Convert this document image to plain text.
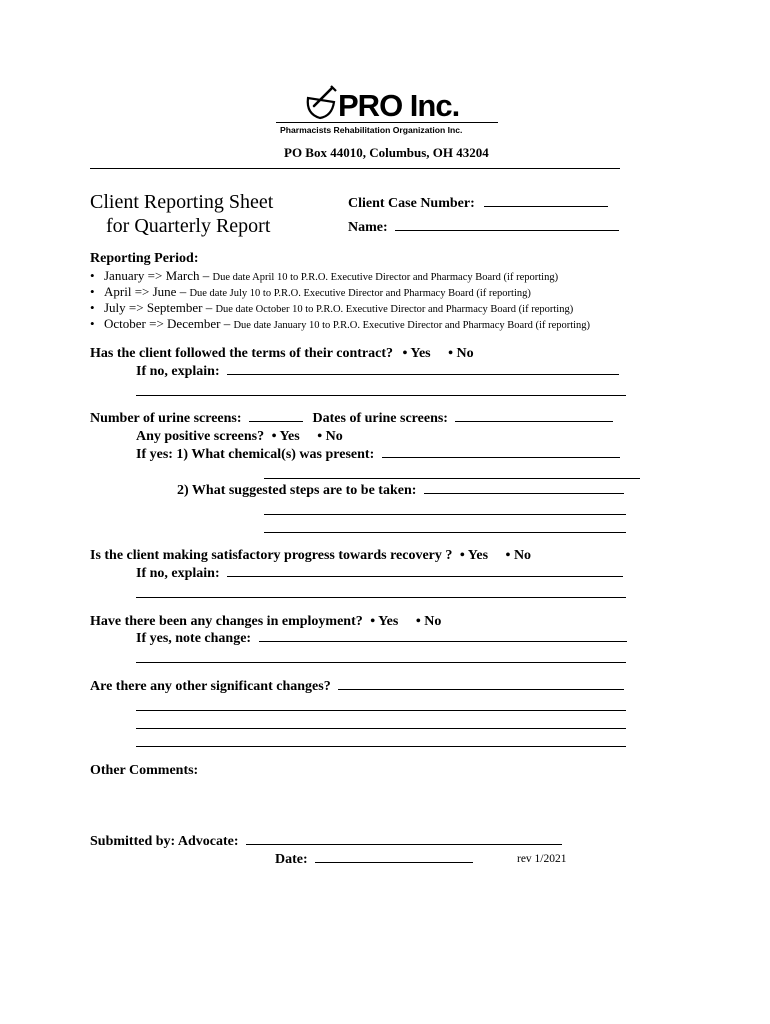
PRO Inc.
Pharmacists Rehabilitation Organization Inc.
PO Box 44010, Columbus, OH 43204
Client Reporting Sheet
for Quarterly Report
Client Case Number:
Name:
Reporting Period:
• January => March – Due date April 10 to P.R.O. Executive Director and Pharmacy Board (if reporting)
• April => June – Due date July 10 to P.R.O. Executive Director and Pharmacy Board (if reporting)
• July => September – Due date October 10 to P.R.O. Executive Director and Pharmacy Board (if reporting)
• October => December – Due date January 10 to P.R.O. Executive Director and Pharmacy Board (if reporting)
Has the client followed the terms of their contract? • Yes • No
If no, explain:
Number of urine screens:	Dates of urine screens:
Any positive screens? • Yes • No
If yes: 1) What chemical(s) was present:
2) What suggested steps are to be taken:
Is the client making satisfactory progress towards recovery ? • Yes • No
If no, explain:
Have there been any changes in employment? • Yes • No
If yes, note change:
Are there any other significant changes?
Other Comments:
Submitted by: Advocate:
Date:	rev 1/2021
